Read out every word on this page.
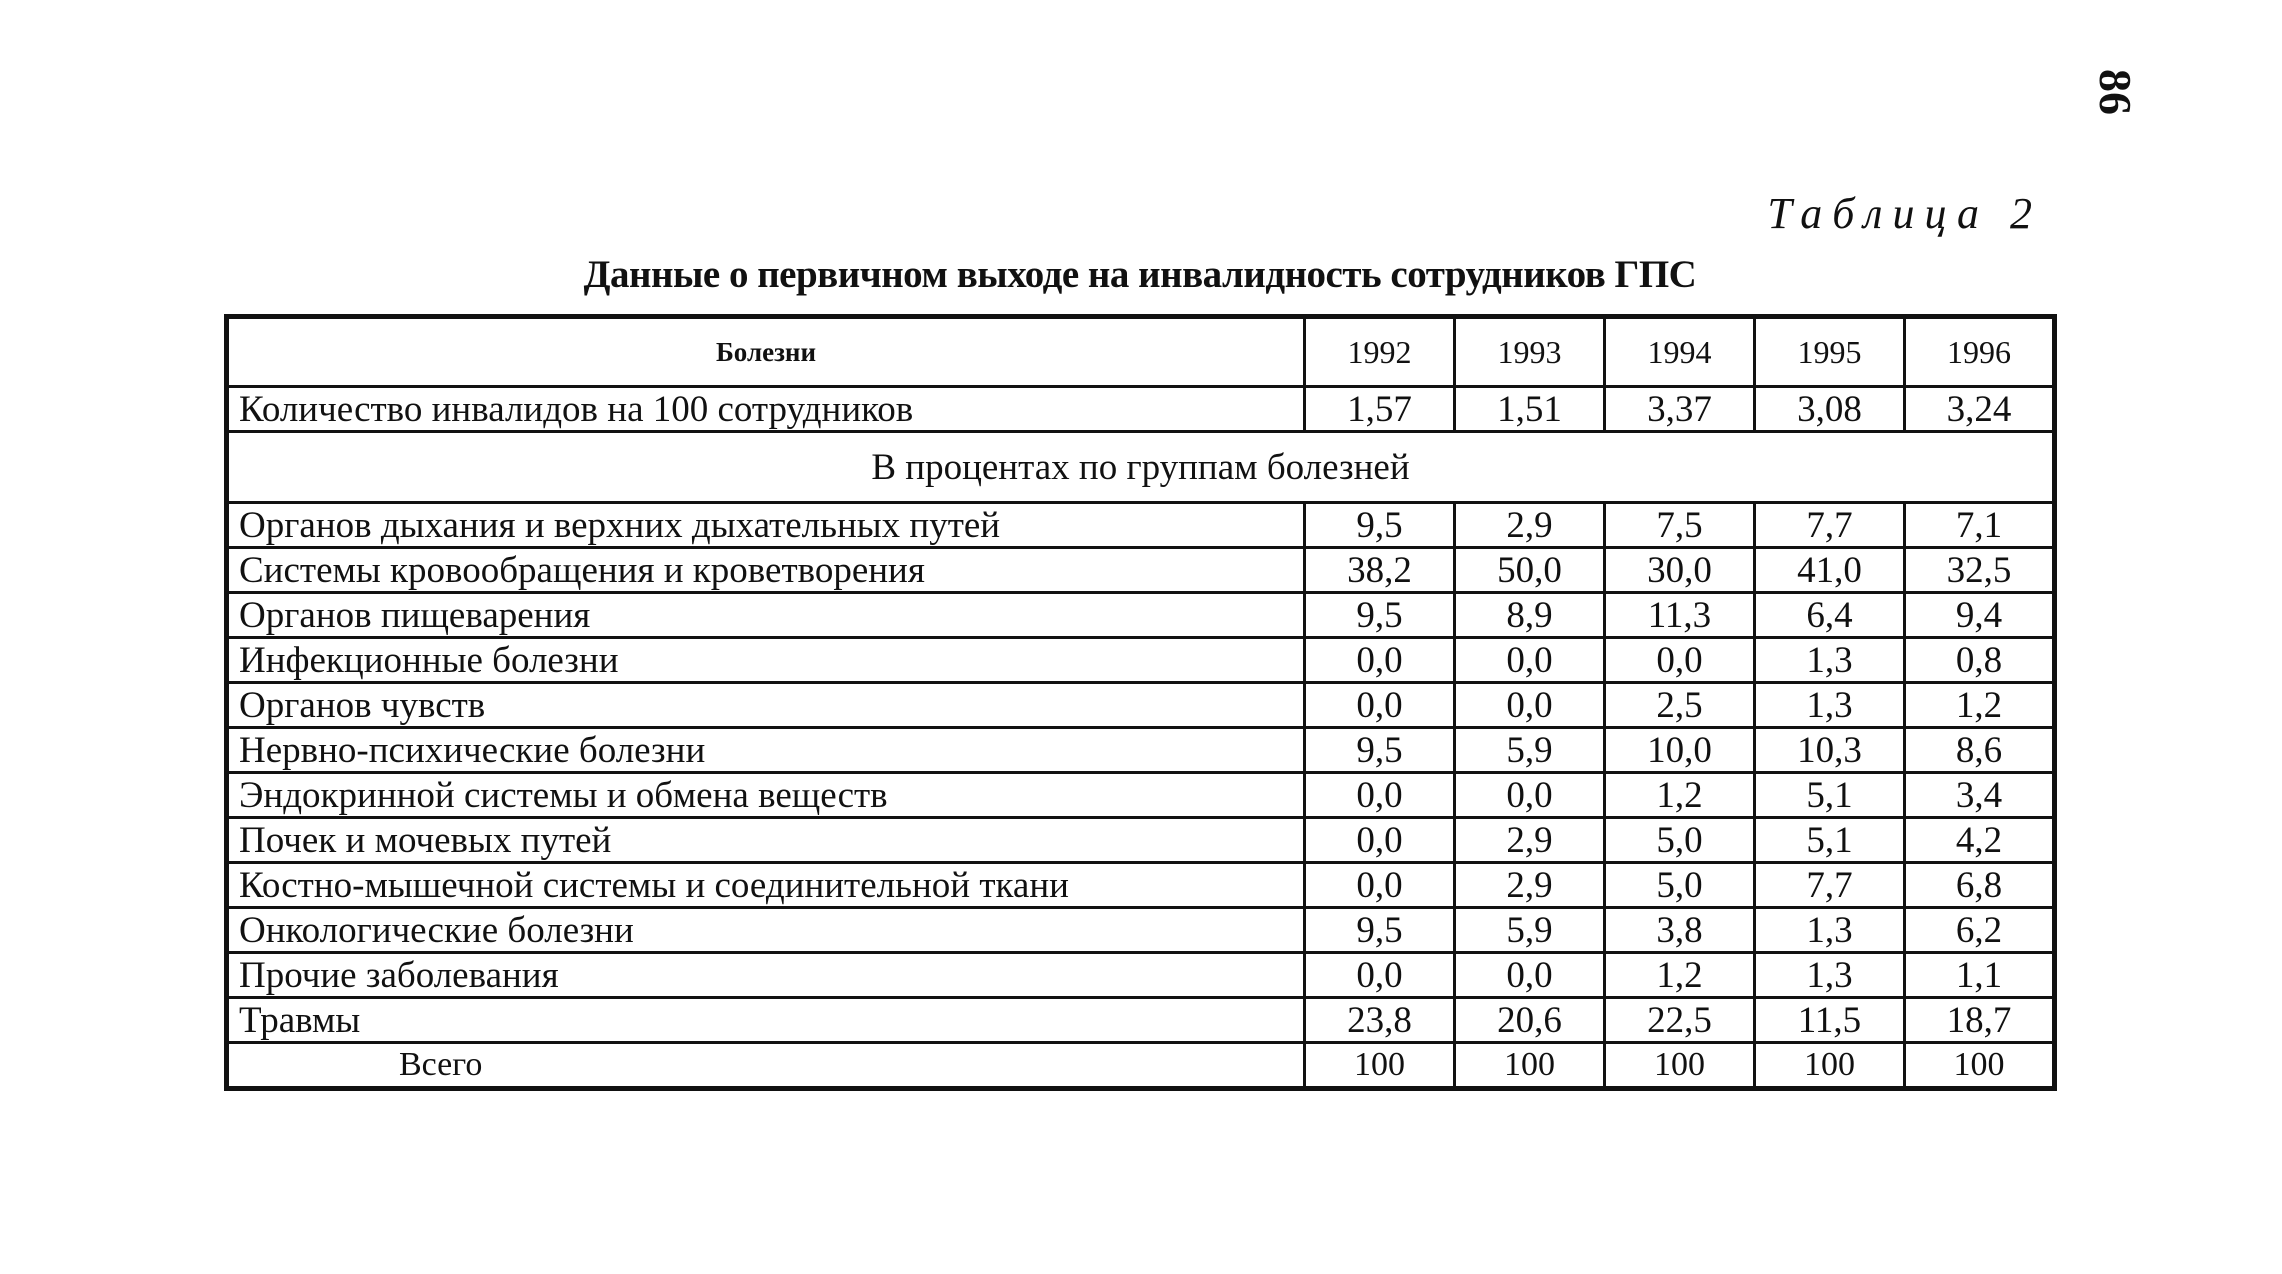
86
Таблица 2
Данные о первичном выходе на инвалидность сотрудников ГПС
Болезни	1992	1993	1994	1995	1996
Количество инвалидов на 100 сотрудников	1,57	1,51	3,37	3,08	3,24
В процентах по группам болезней					
Органов дыхания и верхних дыхательных путей	9,5	2,9	7,5	7,7	7,1
Системы кровообращения и кроветворения	38,2	50,0	30,0	41,0	32,5
Органов пищеварения	9,5	8,9	11,3	6,4	9,4
Инфекционные болезни	0,0	0,0	0,0	1,3	0,8
Органов чувств	0,0	0,0	2,5	1,3	1,2
Нервно-психические болезни	9,5	5,9	10,0	10,3	8,6
Эндокринной системы и обмена веществ	0,0	0,0	1,2	5,1	3,4
Почек и мочевых путей	0,0	2,9	5,0	5,1	4,2
Костно-мышечной системы и соединительной ткани	0,0	2,9	5,0	7,7	6,8
Онкологические болезни	9,5	5,9	3,8	1,3	6,2
Прочие заболевания	0,0	0,0	1,2	1,3	1,1
Травмы	23,8	20,6	22,5	11,5	18,7
Всего	100	100	100	100	100
